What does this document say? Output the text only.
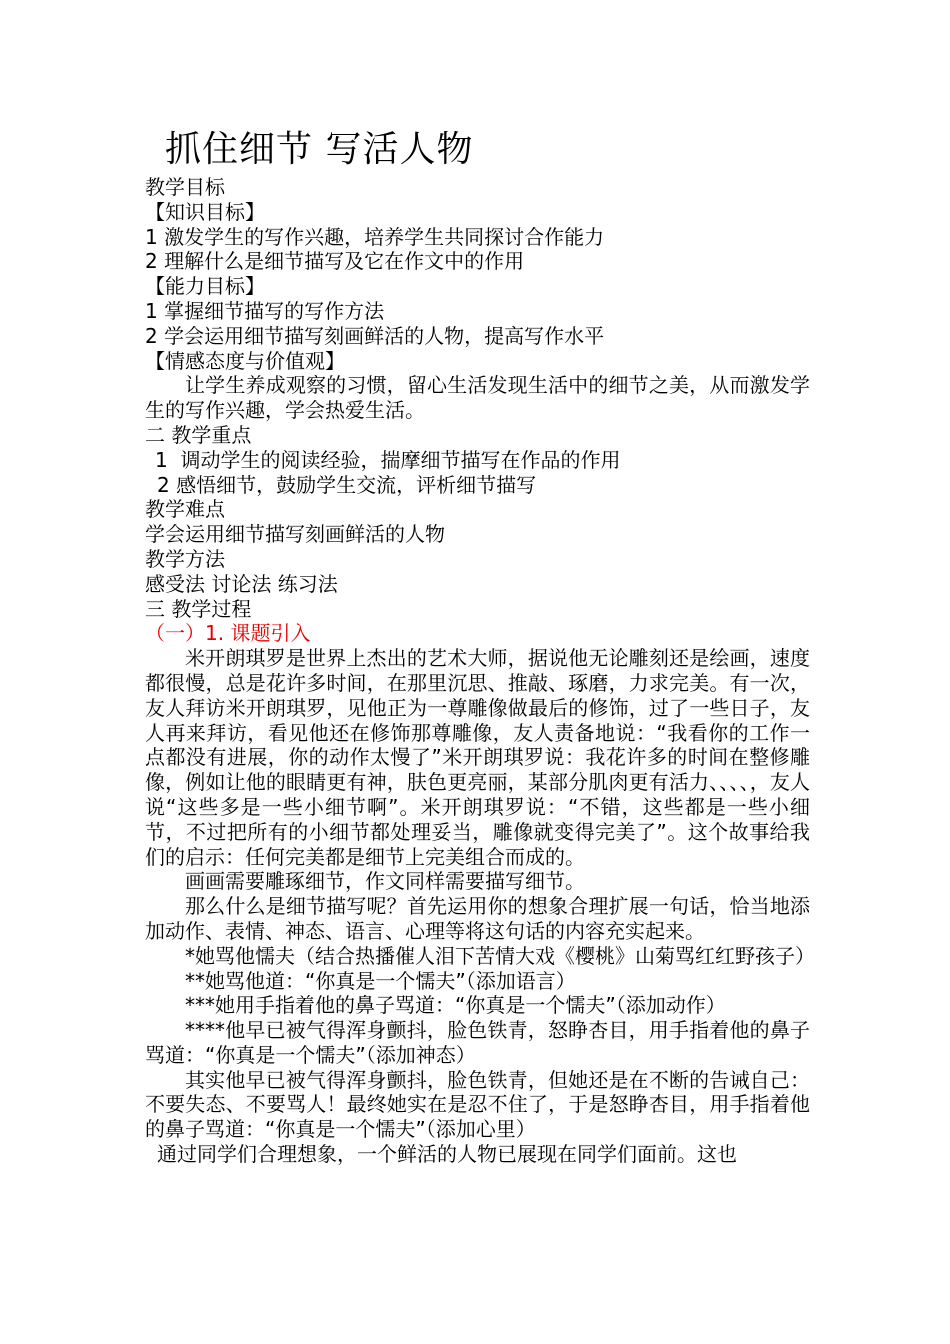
抓住细节 写活人物
教学目标
【知识目标】
1 激发学生的写作兴趣，培养学生共同探讨合作能力
2 理解什么是细节描写及它在作文中的作用
【能力目标】
1 掌握细节描写的写作方法
2 学会运用细节描写刻画鲜活的人物，提高写作水平
【情感态度与价值观】

让学生养成观察的习惯，留心生活发现生活中的细节之美，从而激发学生的写作兴趣，学会热爱生活。

二 教学重点
1  调动学生的阅读经验，揣摩细节描写在作品的作用
2 感悟细节，鼓励学生交流，评析细节描写
教学难点
学会运用细节描写刻画鲜活的人物
教学方法
感受法 讨论法 练习法
三 教学过程
（一）1. 课题引入

米开朗琪罗是世界上杰出的艺术大师，据说他无论雕刻还是绘画，速度都很慢，总是花许多时间，在那里沉思、推敲、琢磨，力求完美。有一次，友人拜访米开朗琪罗，见他正为一尊雕像做最后的修饰，过了一些日子，友人再来拜访，看见他还在修饰那尊雕像，友人责备地说：“我看你的工作一点都没有进展，你的动作太慢了”米开朗琪罗说：我花许多的时间在整修雕像，例如让他的眼睛更有神，肤色更亮丽，某部分肌肉更有活力、、、、，友人说“这些多是一些小细节啊”。米开朗琪罗说：“不错，这些都是一些小细节，不过把所有的小细节都处理妥当，雕像就变得完美了”。这个故事给我们的启示：任何完美都是细节上完美组合而成的。

画画需要雕琢细节，作文同样需要描写细节。

那么什么是细节描写呢？首先运用你的想象合理扩展一句话，恰当地添加动作、表情、神态、语言、心理等将这句话的内容充实起来。

*她骂他懦夫（结合热播催人泪下苦情大戏《樱桃》山菊骂红红野孩子）

**她骂他道：“你真是一个懦夫”（添加语言）

***她用手指着他的鼻子骂道：“你真是一个懦夫”（添加动作）

****他早已被气得浑身颤抖，脸色铁青，怒睁杏目，用手指着他的鼻子骂道：“你真是一个懦夫”（添加神态）

其实他早已被气得浑身颤抖，脸色铁青，但她还是在不断的告诫自己：不要失态、不要骂人！最终她实在是忍不住了，于是怒睁杏目，用手指着他的鼻子骂道：“你真是一个懦夫”（添加心里）

通过同学们合理想象，一个鲜活的人物已展现在同学们面前。这也
